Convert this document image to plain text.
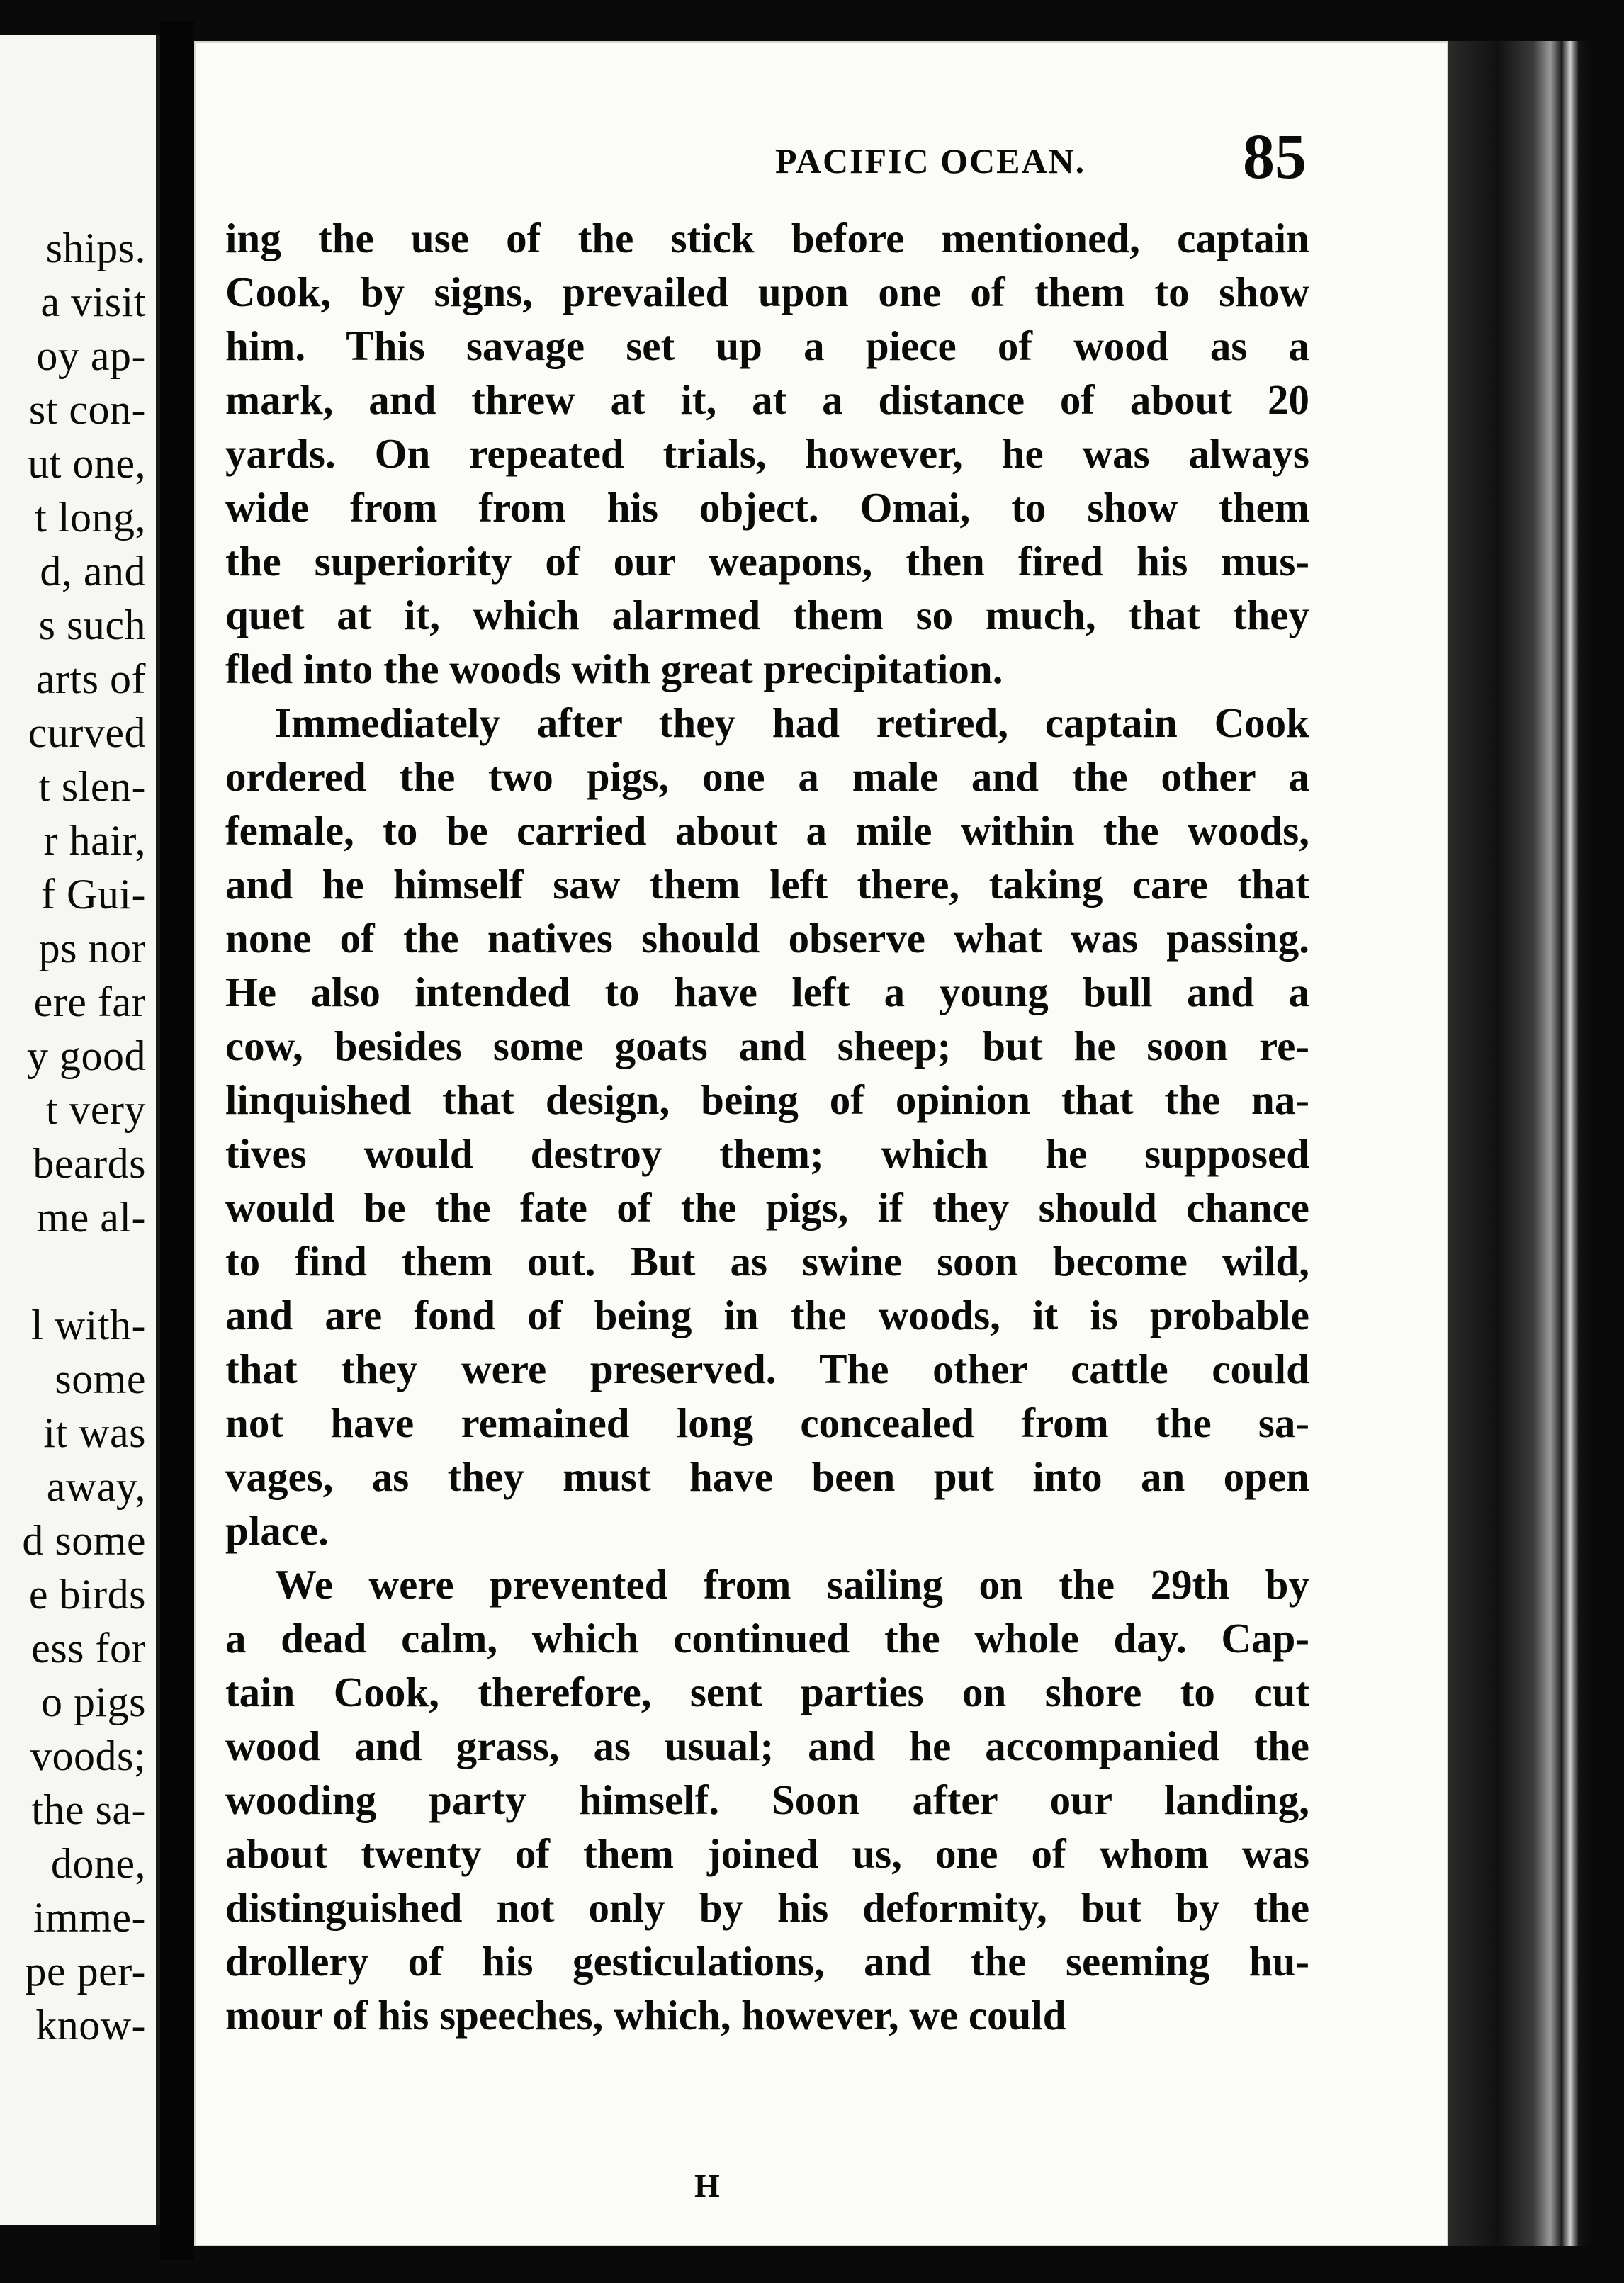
ships.
a visit
oy ap-
st con-
ut one,
t long,
d, and
s such
arts of
curved
t slen-
r hair,
f Gui-
ps nor
ere far
y good
t very
beards
me al-
l with-
some
it was
away,
d some
e birds
ess for
o pigs
voods;
the sa-
done,
imme-
pe per-
know-
PACIFIC OCEAN. 85
ing the use of the stick before mentioned, captain
Cook, by signs, prevailed upon one of them to show
him. This savage set up a piece of wood as a
mark, and threw at it, at a distance of about 20
yards. On repeated trials, however, he was always
wide from from his object. Omai, to show them
the superiority of our weapons, then fired his mus-
quet at it, which alarmed them so much, that they
fled into the woods with great precipitation.
Immediately after they had retired, captain Cook
ordered the two pigs, one a male and the other a
female, to be carried about a mile within the woods,
and he himself saw them left there, taking care that
none of the natives should observe what was passing.
He also intended to have left a young bull and a
cow, besides some goats and sheep; but he soon re-
linquished that design, being of opinion that the na-
tives would destroy them; which he supposed
would be the fate of the pigs, if they should chance
to find them out. But as swine soon become wild,
and are fond of being in the woods, it is probable
that they were preserved. The other cattle could
not have remained long concealed from the sa-
vages, as they must have been put into an open
place.
We were prevented from sailing on the 29th by
a dead calm, which continued the whole day. Cap-
tain Cook, therefore, sent parties on shore to cut
wood and grass, as usual; and he accompanied the
wooding party himself. Soon after our landing,
about twenty of them joined us, one of whom was
distinguished not only by his deformity, but by the
drollery of his gesticulations, and the seeming hu-
mour of his speeches, which, however, we could
H
